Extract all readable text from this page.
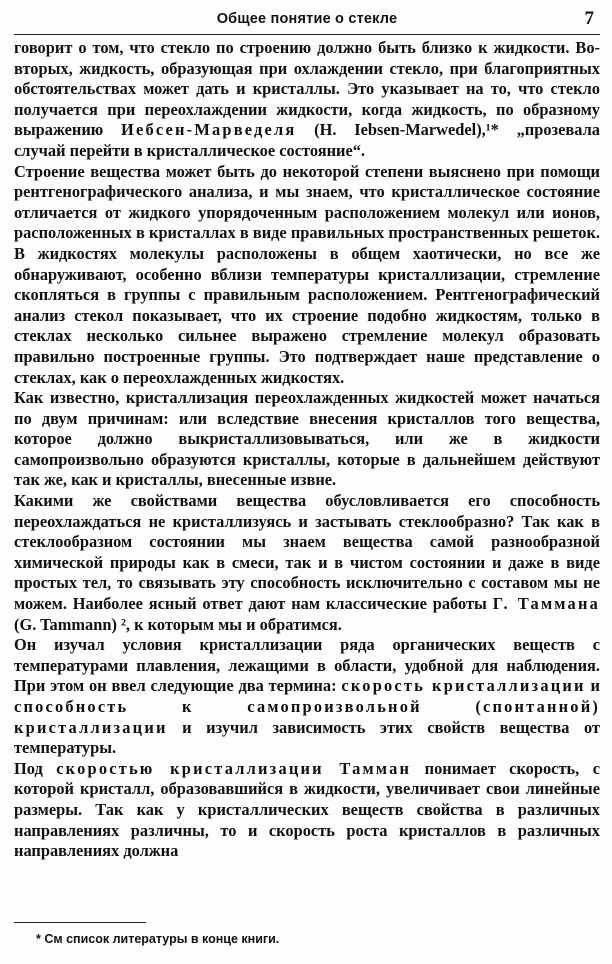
Общее понятие о стекле	7

говорит о том, что стекло по строению должно быть близко к жидкости. Во-вторых, жидкость, образующая при охлаждении стекло, при благоприятных обстоятельствах может дать и кристаллы. Это указывает на то, что стекло получается при переохлаждении жидкости, когда жидкость, по образному выражению Иебсен-Марведеля (H. Iebsen-Marwedel),¹* „прозевала случай перейти в кристаллическое состояние“.

Строение вещества может быть до некоторой степени выяснено при помощи рентгенографического анализа, и мы знаем, что кристаллическое состояние отличается от жидкого упорядоченным расположением молекул или ионов, расположенных в кристаллах в виде правильных пространственных решеток. В жидкостях молекулы расположены в общем хаотически, но все же обнаруживают, особенно вблизи температуры кристаллизации, стремление скопляться в группы с правильным расположением. Рентгенографический анализ стекол показывает, что их строение подобно жидкостям, только в стеклах несколько сильнее выражено стремление молекул образовать правильно построенные группы. Это подтверждает наше представление о стеклах, как о переохлажденных жидкостях.

Как известно, кристаллизация переохлажденных жидкостей может начаться по двум причинам: или вследствие внесения кристаллов того вещества, которое должно выкристаллизовываться, или же в жидкости самопроизвольно образуются кристаллы, которые в дальнейшем действуют так же, как и кристаллы, внесенные извне.

Какими же свойствами вещества обусловливается его способность переохлаждаться не кристаллизуясь и застывать стеклообразно? Так как в стеклообразном состоянии мы знаем вещества самой разнообразной химической природы как в смеси, так и в чистом состоянии и даже в виде простых тел, то связывать эту способность исключительно с составом мы не можем. Наиболее ясный ответ дают нам классические работы Г. Таммана (G. Tammann) ², к которым мы и обратимся.

Он изучал условия кристаллизации ряда органических веществ с температурами плавления, лежащими в области, удобной для наблюдения. При этом он ввел следующие два термина: скорость кристаллизации и способность к самопроизвольной (спонтанной) кристаллизации и изучил зависимость этих свойств вещества от температуры.

Под скоростью кристаллизации Тамман понимает скорость, с которой кристалл, образовавшийся в жидкости, увеличивает свои линейные размеры. Так как у кристаллических веществ свойства в различных направлениях различны, то и скорость роста кристаллов в различных направлениях должна

* См список литературы в конце книги.
